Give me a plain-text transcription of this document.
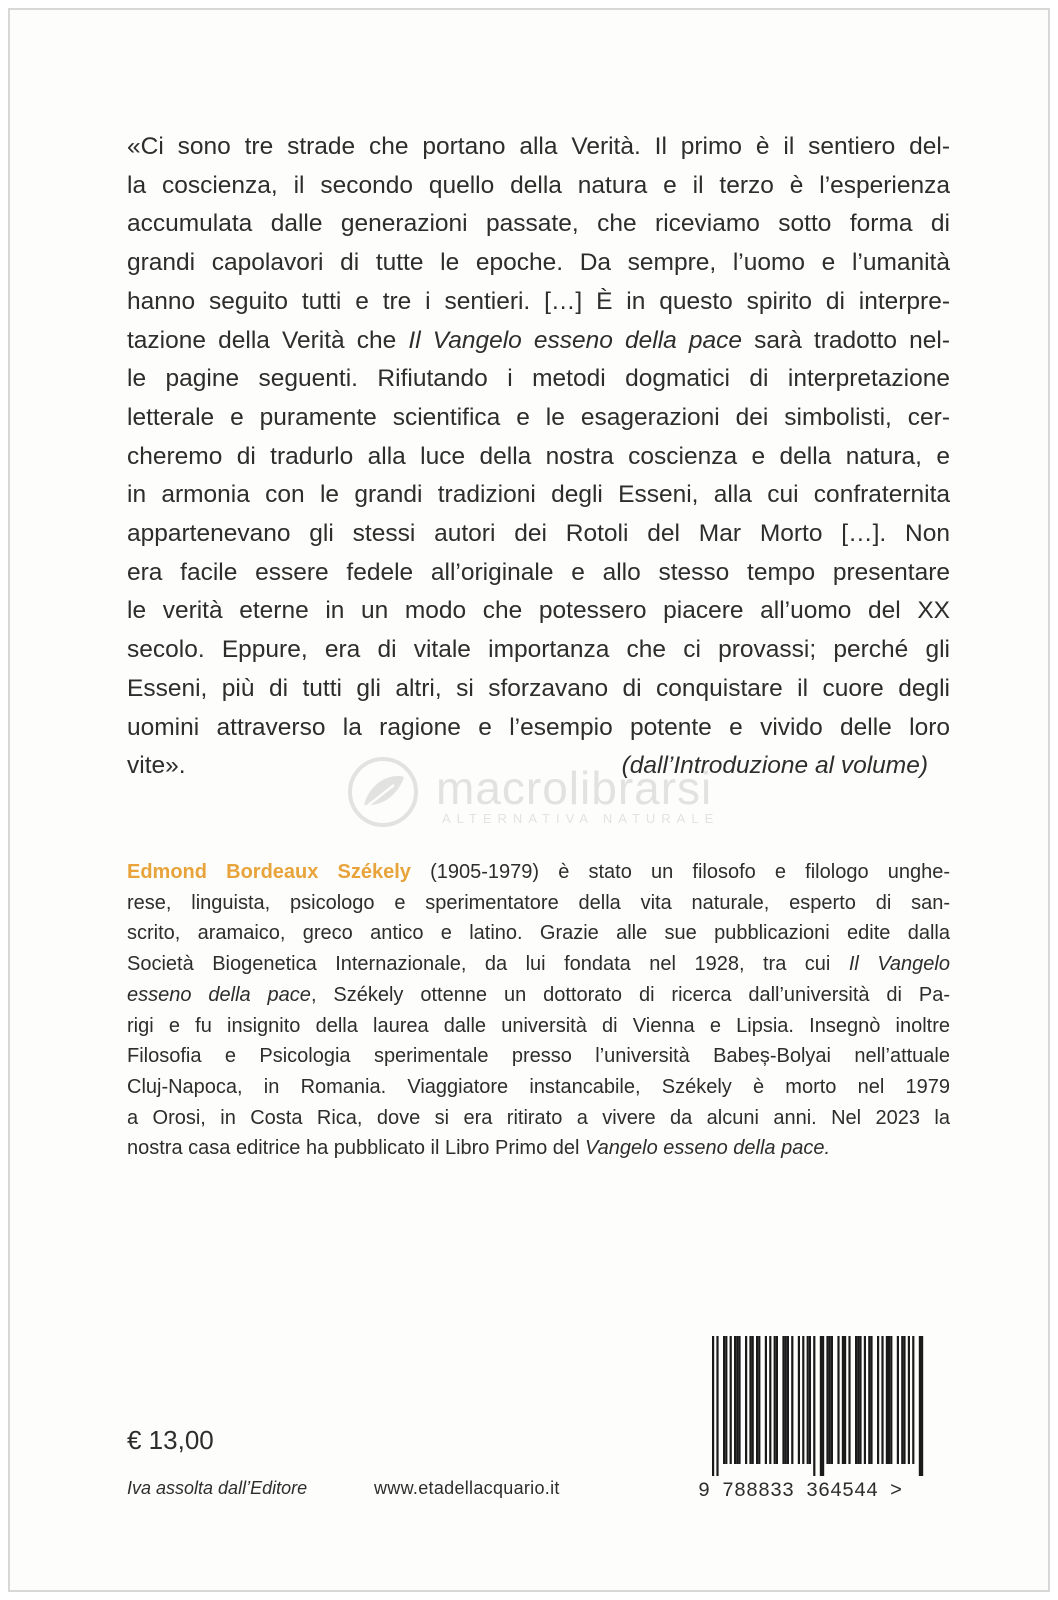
«Ci sono tre strade che portano alla Verità. Il primo è il sentiero del-
la coscienza, il secondo quello della natura e il terzo è l’esperienza
accumulata dalle generazioni passate, che riceviamo sotto forma di
grandi capolavori di tutte le epoche. Da sempre, l’uomo e l’umanità
hanno seguito tutti e tre i sentieri. […] È in questo spirito di interpre-
tazione della Verità che Il Vangelo esseno della pace sarà tradotto nel-
le pagine seguenti. Rifiutando i metodi dogmatici di interpretazione
letterale e puramente scientifica e le esagerazioni dei simbolisti, cer-
cheremo di tradurlo alla luce della nostra coscienza e della natura, e
in armonia con le grandi tradizioni degli Esseni, alla cui confraternita
appartenevano gli stessi autori dei Rotoli del Mar Morto […]. Non
era facile essere fedele all’originale e allo stesso tempo presentare
le verità eterne in un modo che potessero piacere all’uomo del XX
secolo. Eppure, era di vitale importanza che ci provassi; perché gli
Esseni, più di tutti gli altri, si sforzavano di conquistare il cuore degli
uomini attraverso la ragione e l’esempio potente e vivido delle loro
vite».	macrolibrarsi
ALTERNATIVA NATURALE
(dall’Introduzione al volume)
Edmond Bordeaux Székely (1905-1979) è stato un filosofo e filologo unghe-
rese, linguista, psicologo e sperimentatore della vita naturale, esperto di san-
scrito, aramaico, greco antico e latino. Grazie alle sue pubblicazioni edite dalla
Società Biogenetica Internazionale, da lui fondata nel 1928, tra cui Il Vangelo
esseno della pace, Székely ottenne un dottorato di ricerca dall’università di Pa-
rigi e fu insignito della laurea dalle università di Vienna e Lipsia. Insegnò inoltre
Filosofia e Psicologia sperimentale presso l’università Babeș-Bolyai nell’attuale
Cluj-Napoca, in Romania. Viaggiatore instancabile, Székely è morto nel 1979
a Orosi, in Costa Rica, dove si era ritirato a vivere da alcuni anni. Nel 2023 la
nostra casa editrice ha pubblicato il Libro Primo del Vangelo esseno della pace.
€ 13,00
Iva assolta dall’Editore	www.etadellacquario.it	9 788833 364544 >
